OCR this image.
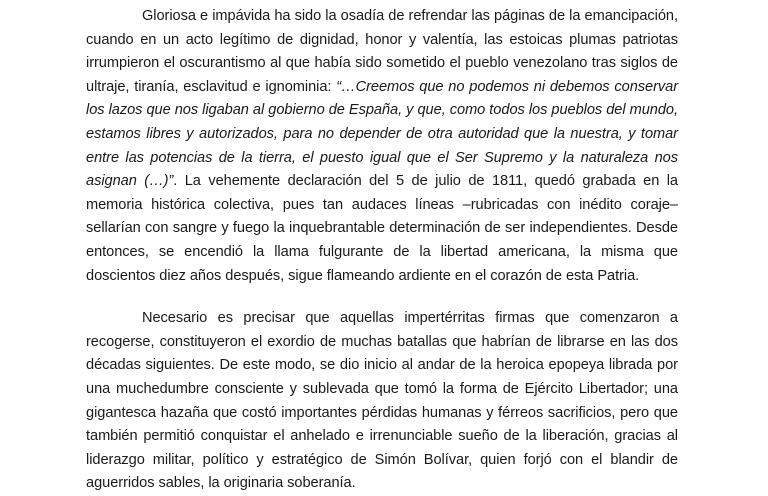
Gloriosa e impávida ha sido la osadía de refrendar las páginas de la emancipación, cuando en un acto legítimo de dignidad, honor y valentía, las estoicas plumas patriotas irrumpieron el oscurantismo al que había sido sometido el pueblo venezolano tras siglos de ultraje, tiranía, esclavitud e ignominia: “…Creemos que no podemos ni debemos conservar los lazos que nos ligaban al gobierno de España, y que, como todos los pueblos del mundo, estamos libres y autorizados, para no depender de otra autoridad que la nuestra, y tomar entre las potencias de la tierra, el puesto igual que el Ser Supremo y la naturaleza nos asignan (…)”. La vehemente declaración del 5 de julio de 1811, quedó grabada en la memoria histórica colectiva, pues tan audaces líneas –rubricadas con inédito coraje– sellarían con sangre y fuego la inquebrantable determinación de ser independientes. Desde entonces, se encendió la llama fulgurante de la libertad americana, la misma que doscientos diez años después, sigue flameando ardiente en el corazón de esta Patria.

Necesario es precisar que aquellas impertérritas firmas que comenzaron a recogerse, constituyeron el exordio de muchas batallas que habrían de librarse en las dos décadas siguientes. De este modo, se dio inicio al andar de la heroica epopeya librada por una muchedumbre consciente y sublevada que tomó la forma de Ejército Libertador; una gigantesca hazaña que costó importantes pérdidas humanas y férreos sacrificios, pero que también permitió conquistar el anhelado e irrenunciable sueño de la liberación, gracias al liderazgo militar, político y estratégico de Simón Bolívar, quien forjó con el blandir de aguerridos sables, la originaria soberanía.
